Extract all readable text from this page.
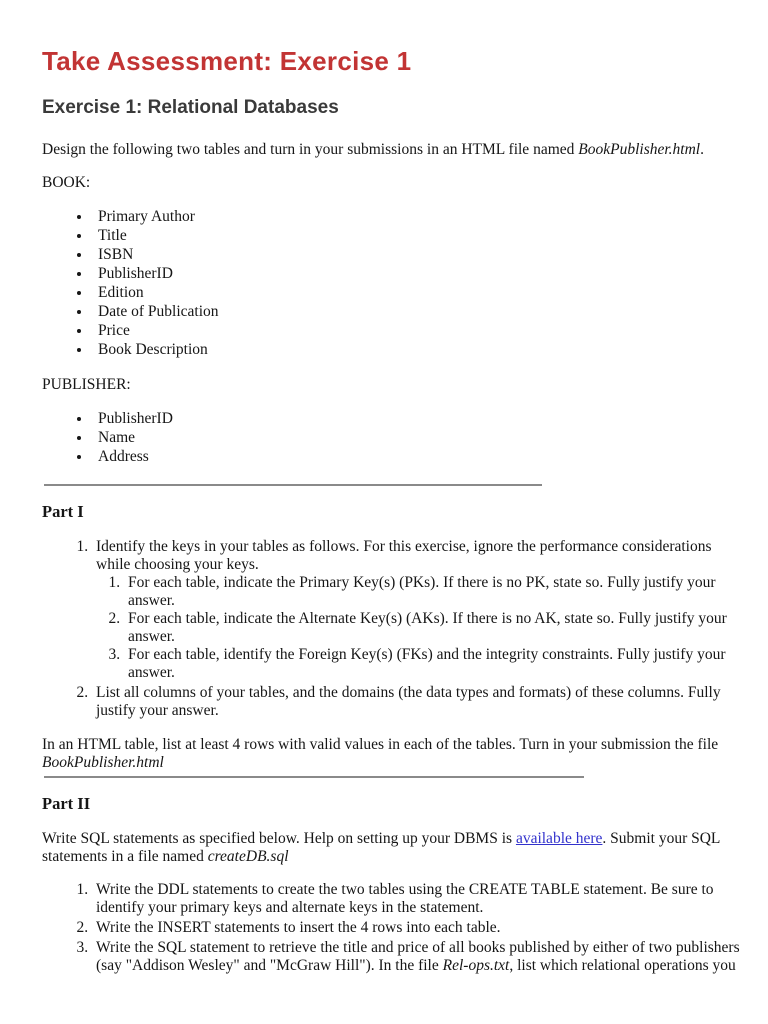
Take Assessment: Exercise 1
Exercise 1: Relational Databases

Design the following two tables and turn in your submissions in an HTML file named BookPublisher.html.

BOOK:

• Primary Author
• Title
• ISBN
• PublisherID
• Edition
• Date of Publication
• Price
• Book Description

PUBLISHER:

• PublisherID
• Name
• Address
Part I
1. Identify the keys in your tables as follows. For this exercise, ignore the performance considerations while choosing your keys.
1. For each table, indicate the Primary Key(s) (PKs). If there is no PK, state so. Fully justify your answer.
2. For each table, indicate the Alternate Key(s) (AKs). If there is no AK, state so. Fully justify your answer.
3. For each table, identify the Foreign Key(s) (FKs) and the integrity constraints. Fully justify your answer.
2. List all columns of your tables, and the domains (the data types and formats) of these columns. Fully justify your answer.

In an HTML table, list at least 4 rows with valid values in each of the tables. Turn in your submission the file
BookPublisher.html

Part II

Write SQL statements as specified below. Help on setting up your DBMS is available here. Submit your SQL statements in a file named createDB.sql

1. Write the DDL statements to create the two tables using the CREATE TABLE statement. Be sure to identify your primary keys and alternate keys in the statement.
2. Write the INSERT statements to insert the 4 rows into each table.
3. Write the SQL statement to retrieve the title and price of all books published by either of two publishers (say "Addison Wesley" and "McGraw Hill"). In the file Rel-ops.txt, list which relational operations you
